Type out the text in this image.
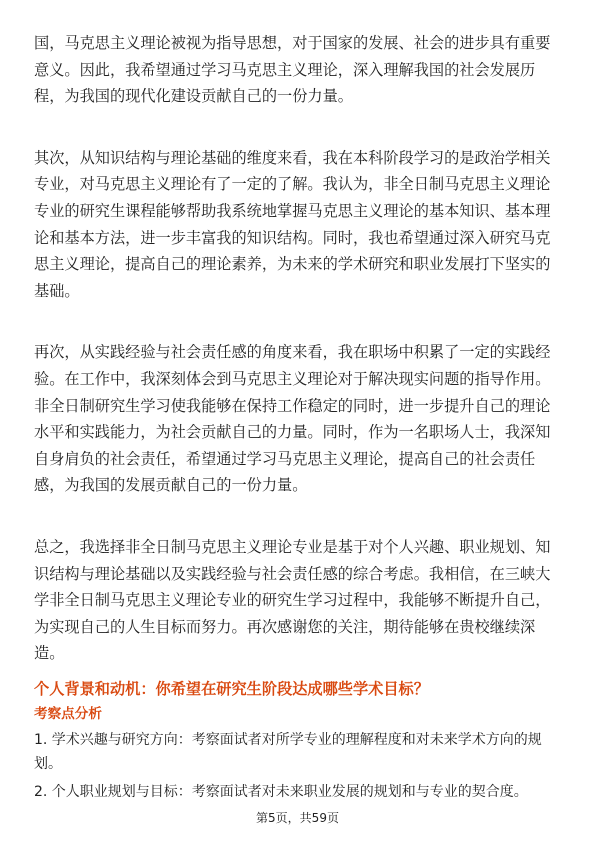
国，马克思主义理论被视为指导思想，对于国家的发展、社会的进步具有重要意义。因此，我希望通过学习马克思主义理论，深入理解我国的社会发展历程，为我国的现代化建设贡献自己的一份力量。

其次，从知识结构与理论基础的维度来看，我在本科阶段学习的是政治学相关专业，对马克思主义理论有了一定的了解。我认为，非全日制马克思主义理论专业的研究生课程能够帮助我系统地掌握马克思主义理论的基本知识、基本理论和基本方法，进一步丰富我的知识结构。同时，我也希望通过深入研究马克思主义理论，提高自己的理论素养，为未来的学术研究和职业发展打下坚实的基础。

再次，从实践经验与社会责任感的角度来看，我在职场中积累了一定的实践经验。在工作中，我深刻体会到马克思主义理论对于解决现实问题的指导作用。非全日制研究生学习使我能够在保持工作稳定的同时，进一步提升自己的理论水平和实践能力，为社会贡献自己的力量。同时，作为一名职场人士，我深知自身肩负的社会责任，希望通过学习马克思主义理论，提高自己的社会责任感，为我国的发展贡献自己的一份力量。

总之，我选择非全日制马克思主义理论专业是基于对个人兴趣、职业规划、知识结构与理论基础以及实践经验与社会责任感的综合考虑。我相信，在三峡大学非全日制马克思主义理论专业的研究生学习过程中，我能够不断提升自己，为实现自己的人生目标而努力。再次感谢您的关注，期待能够在贵校继续深造。

个人背景和动机：你希望在研究生阶段达成哪些学术目标？

考察点分析

1. 学术兴趣与研究方向：考察面试者对所学专业的理解程度和对未来学术方向的规划。

2. 个人职业规划与目标：考察面试者对未来职业发展的规划和与专业的契合度。

第5页，共59页
